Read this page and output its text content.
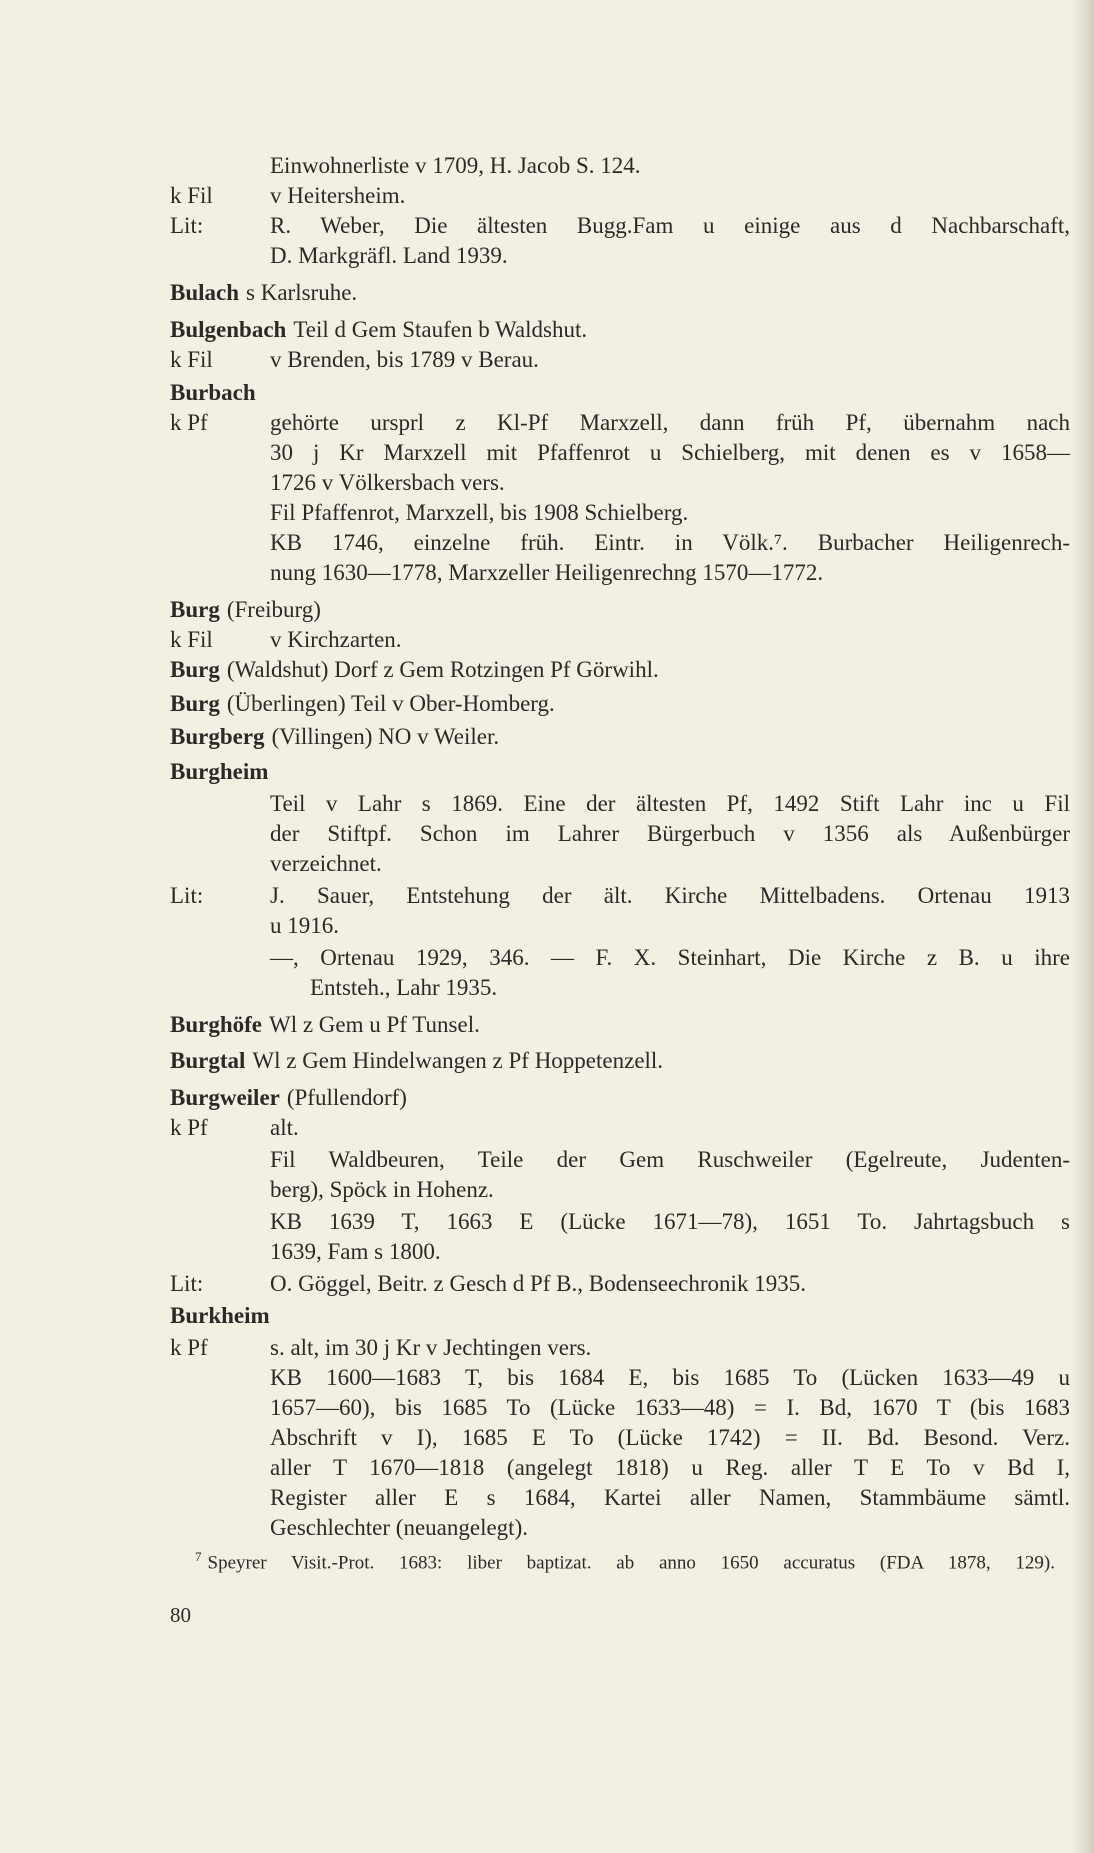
Einwohnerliste v 1709, H. Jacob S. 124.
k Fil	v Heitersheim.
Lit:	R. Weber, Die ältesten Bugg.Fam u einige aus d Nachbarschaft,
D. Markgräfl. Land 1939.
Bulach s Karlsruhe.
Bulgenbach Teil d Gem Staufen b Waldshut.
k Fil	v Brenden, bis 1789 v Berau.
Burbach
k Pf	gehörte ursprl z Kl-Pf Marxzell, dann früh Pf, übernahm nach
30 j Kr Marxzell mit Pfaffenrot u Schielberg, mit denen es v 1658—
1726 v Völkersbach vers.
Fil Pfaffenrot, Marxzell, bis 1908 Schielberg.
KB 1746, einzelne früh. Eintr. in Völk.⁷. Burbacher Heiligenrech-
nung 1630—1778, Marxzeller Heiligenrechng 1570—1772.
Burg (Freiburg)
k Fil	v Kirchzarten.
Burg (Waldshut) Dorf z Gem Rotzingen Pf Görwihl.
Burg (Überlingen) Teil v Ober-Homberg.
Burgberg (Villingen) NO v Weiler.
Burgheim
Teil v Lahr s 1869. Eine der ältesten Pf, 1492 Stift Lahr inc u Fil
der Stiftpf. Schon im Lahrer Bürgerbuch v 1356 als Außenbürger
verzeichnet.
Lit:	J. Sauer, Entstehung der ält. Kirche Mittelbadens. Ortenau 1913
u 1916.
—, Ortenau 1929, 346. — F. X. Steinhart, Die Kirche z B. u ihre
Entsteh., Lahr 1935.
Burghöfe Wl z Gem u Pf Tunsel.
Burgtal Wl z Gem Hindelwangen z Pf Hoppetenzell.
Burgweiler (Pfullendorf)
k Pf	alt.
Fil Waldbeuren, Teile der Gem Ruschweiler (Egelreute, Judenten-
berg), Spöck in Hohenz.
KB 1639 T, 1663 E (Lücke 1671—78), 1651 To. Jahrtagsbuch s
1639, Fam s 1800.
Lit:	O. Göggel, Beitr. z Gesch d Pf B., Bodenseechronik 1935.
Burkheim
k Pf	s. alt, im 30 j Kr v Jechtingen vers.
KB 1600—1683 T, bis 1684 E, bis 1685 To (Lücken 1633—49 u
1657—60), bis 1685 To (Lücke 1633—48) = I. Bd, 1670 T (bis 1683
Abschrift v I), 1685 E To (Lücke 1742) = II. Bd. Besond. Verz.
aller T 1670—1818 (angelegt 1818) u Reg. aller T E To v Bd I,
Register aller E s 1684, Kartei aller Namen, Stammbäume sämtl.
Geschlechter (neuangelegt).
$^7$ Speyrer Visit.-Prot. 1683: liber baptizat. ab anno 1650 accuratus (FDA 1878, 129).
80
